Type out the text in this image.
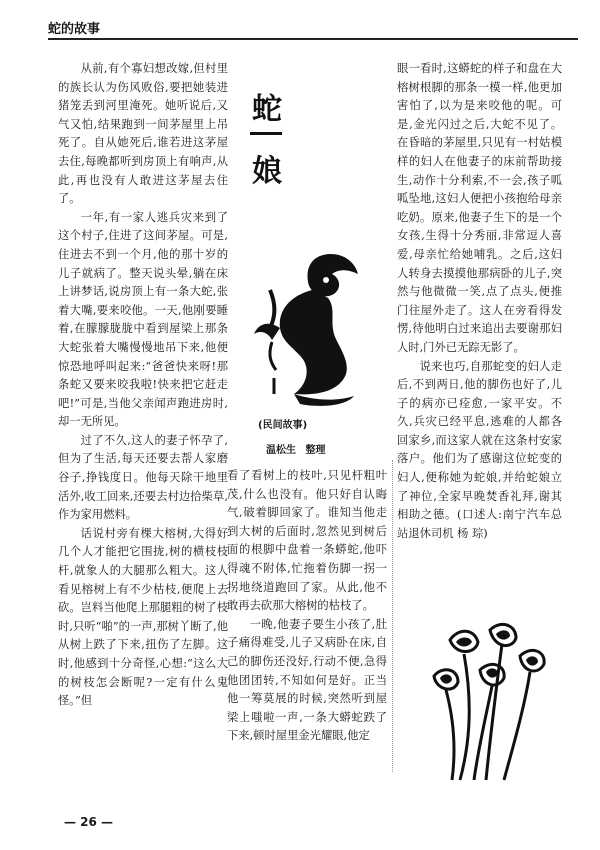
蛇的故事

从前,有个寡妇想改嫁,但村里的族长认为伤风败俗,要把她装进猪笼丢到河里淹死。她听说后,又气又怕,结果跑到一间茅屋里上吊死了。自从她死后,谁若进这茅屋去住,每晚都听到房顶上有响声,从此,再也没有人敢进这茅屋去住了。

一年,有一家人逃兵灾来到了这个村子,住进了这间茅屋。可是,住进去不到一个月,他的那十岁的儿子就病了。整天说头晕,躺在床上讲梦话,说房顶上有一条大蛇,张着大嘴,要来咬他。一天,他刚要睡着,在朦朦胧胧中看到屋梁上那条大蛇张着大嘴慢慢地吊下来,他便惊恐地呼叫起来:“爸爸快来呀!那条蛇又要来咬我啦!快来把它赶走吧!”可是,当他父亲闻声跑进房时,却一无所见。

过了不久,这人的妻子怀孕了,但为了生活,每天还要去帮人家磨谷子,挣钱度日。他每天除干地里活外,收工回来,还要去村边拾柴草,作为家用燃料。

话说村旁有棵大榕树,大得好几个人才能把它围拢,树的横枝枝杆,就象人的大腿那么粗大。这人看见榕树上有不少枯枝,便爬上去砍。岂料当他爬上那腿粗的树了枝时,只听“啪”的一声,那树丫断了,他从树上跌了下来,扭伤了左脚。这时,他感到十分奇怪,心想:“这么大的树枝怎会断呢?一定有什么鬼怪。”但

蛇
娘
(民间故事)
温松生 整理

看了看树上的枝叶,只见杆粗叶茂,什么也没有。他只好自认晦气,破着脚回家了。谁知当他走到大树的后面时,忽然见到树后面的根脚中盘着一条蟒蛇,他吓得魂不附体,忙拖着伤脚一拐一拐地绕道跑回了家。从此,他不敢再去砍那大榕树的枯枝了。

一晚,他妻子要生小孩了,肚子痛得难受,儿子又病卧在床,自己的脚伤还没好,行动不便,急得他团团转,不知如何是好。正当他一筹莫展的时候,突然听到屋梁上嗤啦一声,一条大蟒蛇跌了下来,顿时屋里金光耀眼,他定

眼一看时,这蟒蛇的样子和盘在大榕树根脚的那条一模一样,他更加害怕了,以为是来咬他的呢。可是,金光闪过之后,大蛇不见了。在昏暗的茅屋里,只见有一村姑模样的妇人在他妻子的床前帮助接生,动作十分利索,不一会,孩子呱呱坠地,这妇人便把小孩抱给母亲吃奶。原来,他妻子生下的是一个女孩,生得十分秀丽,非常逗人喜爱,母亲忙给她哺乳。之后,这妇人转身去摸摸他那病卧的儿子,突然与他微微一笑,点了点头,便推门往屋外走了。这人在旁看得发愣,待他明白过来追出去要谢那妇人时,门外已无踪无影了。

说来也巧,自那蛇变的妇人走后,不到两日,他的脚伤也好了,儿子的病亦已痊愈,一家平安。不久,兵灾已经平息,逃难的人都各回家乡,而这家人就在这条村安家落户。他们为了感谢这位蛇变的妇人,便称她为蛇娘,并给蛇娘立了神位,全家早晚焚香礼拜,谢其相助之德。(口述人:南宁汽车总站退休司机 杨 琮)

— 26 —
